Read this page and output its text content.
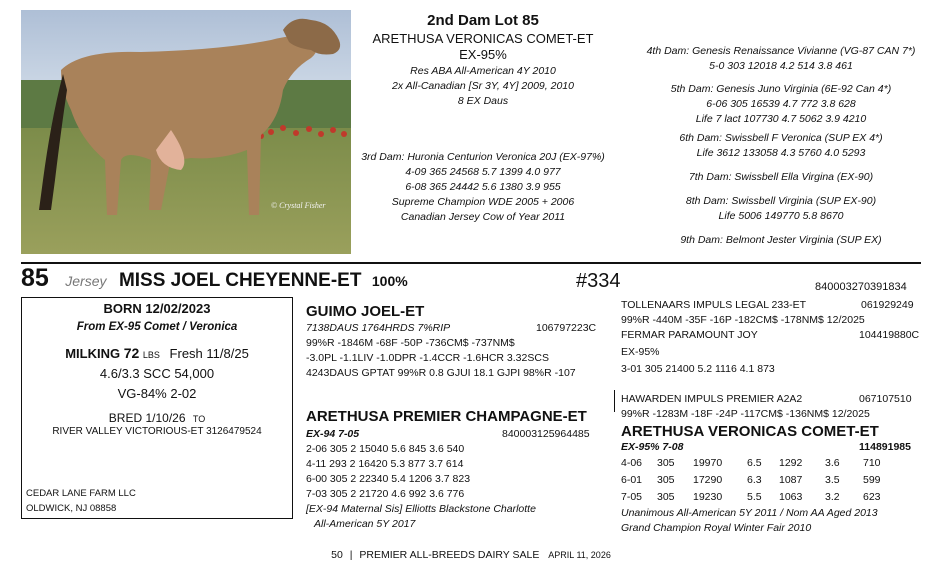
© Crystal Fisher
2nd Dam Lot 85
ARETHUSA VERONICAS COMET-ET
EX-95%
Res ABA All-American 4Y 2010
2x All-Canadian [Sr 3Y, 4Y] 2009, 2010
8 EX Daus
3rd Dam: Huronia Centurion Veronica 20J (EX-97%)
4-09 365 24568 5.7 1399 4.0 977
6-08 365 24442 5.6 1380 3.9 955
Supreme Champion WDE 2005 + 2006
Canadian Jersey Cow of Year 2011
4th Dam: Genesis Renaissance Vivianne (VG-87 CAN 7*)
5-0 303 12018 4.2 514 3.8 461
5th Dam: Genesis Juno Virginia (6E-92 Can 4*)
6-06 305 16539 4.7 772 3.8 628
Life 7 lact 107730 4.7 5062 3.9 4210
6th Dam: Swissbell F Veronica (SUP EX 4*)
Life 3612 133058 4.3 5760 4.0 5293
7th Dam: Swissbell Ella Virgina (EX-90)
8th Dam: Swissbell Virginia (SUP EX-90)
Life 5006 149770 5.8 8670
9th Dam: Belmont Jester Virginia (SUP EX)
85 Jersey MISS JOEL CHEYENNE-ET 100%	#334	840003270391834
BORN 12/02/2023
From EX-95 Comet / Veronica
MILKING 72 LBS Fresh 11/8/25
4.6/3.3 SCC 54,000
VG-84% 2-02
BRED 1/10/26 TO
RIVER VALLEY VICTORIOUS-ET 3126479524
CEDAR LANE FARM LLC
OLDWICK, NJ 08858
GUIMO JOEL-ET
7138DAUS 1764HRDS 7%RIP	106797223C
99%R -1846M -68F -50P -736CM$ -737NM$
-3.0PL -1.1LIV -1.0DPR -1.4CCR -1.6HCR 3.32SCS
4243DAUS GPTAT 99%R 0.8 GJUI 18.1 GJPI 98%R -107
ARETHUSA PREMIER CHAMPAGNE-ET
EX-94 7-05	840003125964485
2-06 305 2 15040 5.6 845 3.6 540
4-11 293 2 16420 5.3 877 3.7 614
6-00 305 2 22340 5.4 1206 3.7 823
7-03 305 2 21720 4.6 992 3.6 776
[EX-94 Maternal Sis] Elliotts Blackstone Charlotte
All-American 5Y 2017
TOLLENAARS IMPULS LEGAL 233-ET	061929249
99%R -440M -35F -16P -182CM$ -178NM$ 12/2025
FERMAR PARAMOUNT JOY	104419880C
EX-95%
3-01 305 21400 5.2 1116 4.1 873
HAWARDEN IMPULS PREMIER A2A2	067107510
99%R -1283M -18F -24P -117CM$ -136NM$ 12/2025
ARETHUSA VERONICAS COMET-ET
EX-95% 7-08	114891985
4-06	305	19970	6.5	1292	3.6	710
6-01	305	17290	6.3	1087	3.5	599
7-05	305	19230	5.5	1063	3.2	623
Unanimous All-American 5Y 2011 / Nom AA Aged 2013
Grand Champion Royal Winter Fair 2010
50 | PREMIER ALL-BREEDS DAIRY SALE APRIL 11, 2026
